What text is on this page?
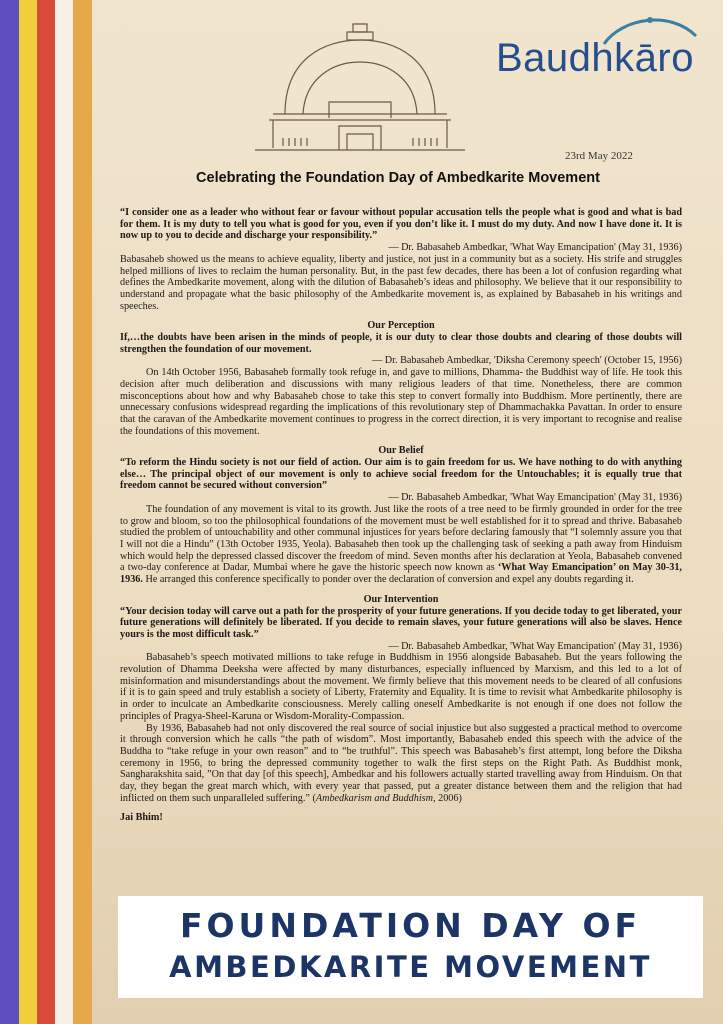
Baudhkāro
23rd May 2022
Celebrating the Foundation Day of Ambedkarite Movement

“I consider one as a leader who without fear or favour without popular accusation tells the people what is good and what is bad for them. It is my duty to tell you what is good for you, even if you don’t like it. I must do my duty. And now I have done it. It is now up to you to decide and discharge your responsibility.”

— Dr. Babasaheb Ambedkar, 'What Way Emancipation' (May 31, 1936)

Babasaheb showed us the means to achieve equality, liberty and justice, not just in a community but as a society. His strife and struggles helped millions of lives to reclaim the human personality. But, in the past few decades, there has been a lot of confusion regarding what defines the Ambedkarite movement, along with the dilution of Babasaheb’s ideas and philosophy. We believe that it our responsibility to understand and propagate what the basic philosophy of the Ambedkarite movement is, as explained by Babasaheb in his writings and speeches.

Our Perception

If,…the doubts have been arisen in the minds of people, it is our duty to clear those doubts and clearing of those doubts will strengthen the foundation of our movement.

— Dr. Babasaheb Ambedkar, 'Diksha Ceremony speech' (October 15, 1956)

On 14th October 1956, Babasaheb formally took refuge in, and gave to millions, Dhamma- the Buddhist way of life. He took this decision after much deliberation and discussions with many religious leaders of that time. Nonetheless, there are common misconceptions about how and why Babasaheb chose to take this step to convert formally into Buddhism. More pertinently, there are unnecessary confusions widespread regarding the implications of this revolutionary step of Dhammachakka Pavattan. In order to ensure that the caravan of the Ambedkarite movement continues to progress in the correct direction, it is very important to recognise and realise the foundations of this movement.

Our Belief

“To reform the Hindu society is not our field of action. Our aim is to gain freedom for us. We have nothing to do with anything else… The principal object of our movement is only to achieve social freedom for the Untouchables; it is equally true that freedom cannot be secured without conversion”

— Dr. Babasaheb Ambedkar, 'What Way Emancipation' (May 31, 1936)

The foundation of any movement is vital to its growth. Just like the roots of a tree need to be firmly grounded in order for the tree to grow and bloom, so too the philosophical foundations of the movement must be well established for it to spread and thrive. Babasaheb studied the problem of untouchability and other communal injustices for years before declaring famously that “I solemnly assure you that I will not die a Hindu” (13th October 1935, Yeola). Babasaheb then took up the challenging task of seeking a path away from Hinduism which would help the depressed classed discover the freedom of mind. Seven months after his declaration at Yeola, Babasaheb convened a two-day conference at Dadar, Mumbai where he gave the historic speech now known as ‘What Way Emancipation’ on May 30-31, 1936. He arranged this conference specifically to ponder over the declaration of conversion and expel any doubts regarding it.

Our Intervention

“Your decision today will carve out a path for the prosperity of your future generations. If you decide today to get liberated, your future generations will definitely be liberated. If you decide to remain slaves, your future generations will also be slaves. Hence yours is the most difficult task.”

— Dr. Babasaheb Ambedkar, 'What Way Emancipation' (May 31, 1936)

Babasaheb’s speech motivated millions to take refuge in Buddhism in 1956 alongside Babasaheb. But the years following the revolution of Dhamma Deeksha were affected by many disturbances, especially influenced by Marxism, and this led to a lot of misinformation and misunderstandings about the movement. We firmly believe that this movement needs to be cleared of all confusions if it is to gain speed and truly establish a society of Liberty, Fraternity and Equality. It is time to revisit what Ambedkarite philosophy is in order to inculcate an Ambedkarite consciousness. Merely calling oneself Ambedkarite is not enough if one does not follow the principles of Pragya-Sheel-Karuna or Wisdom-Morality-Compassion.

By 1936, Babasaheb had not only discovered the real source of social injustice but also suggested a practical method to overcome it through conversion which he calls “the path of wisdom”. Most importantly, Babasaheb ended this speech with the advice of the Buddha to “take refuge in your own reason” and to “be truthful”. This speech was Babasaheb’s first attempt, long before the Diksha ceremony in 1956, to bring the depressed community together to walk the first steps on the Right Path. As Buddhist monk, Sangharakshita said, ”On that day [of this speech], Ambedkar and his followers actually started travelling away from Hinduism. On that day, they began the great march which, with every year that passed, put a greater distance between them and the religion that had inflicted on them such unparalleled suffering.” (Ambedkarism and Buddhism, 2006)

Jai Bhim!

FOUNDATION DAY OF
AMBEDKARITE MOVEMENT
